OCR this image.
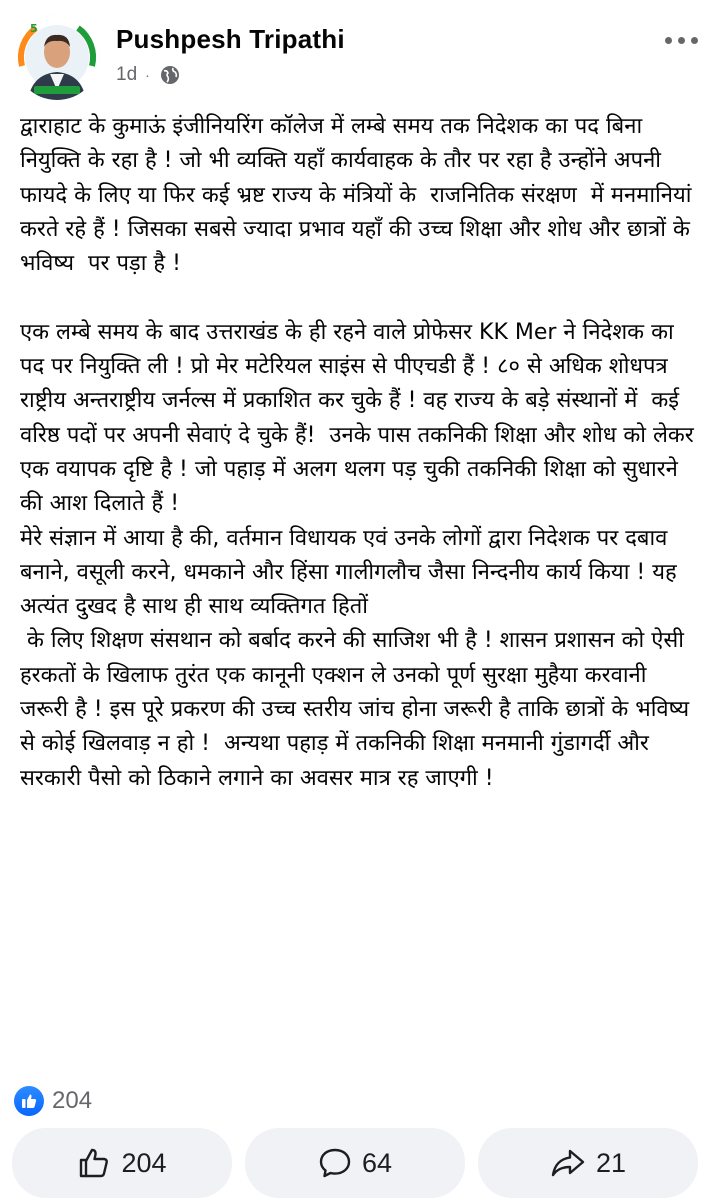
5	Pushpesh Tripathi
1d ·

द्वाराहाट के कुमाऊं इंजीनियरिंग कॉलेज में लम्बे समय तक निदेशक का पद बिना नियुक्ति के रहा है ! जो भी व्यक्ति यहाँ कार्यवाहक के तौर पर रहा है उन्होंने अपनी फायदे के लिए या फिर कई भ्रष्ट राज्य के मंत्रियों के  राजनितिक संरक्षण  में मनमानियां करते रहे हैं ! जिसका सबसे ज्यादा प्रभाव यहाँ की उच्च शिक्षा और शोध और छात्रों के भविष्य  पर पड़ा है !

एक लम्बे समय के बाद उत्तराखंड के ही रहने वाले प्रोफेसर KK Mer ने निदेशक का पद पर नियुक्ति ली ! प्रो मेर मटेरियल साइंस से पीएचडी हैं ! ८० से अधिक शोधपत्र राष्ट्रीय अन्तराष्ट्रीय जर्नल्स में प्रकाशित कर चुके हैं ! वह राज्य के बड़े संस्थानों में  कई वरिष्ठ पदों पर अपनी सेवाएं दे चुके हैं!  उनके पास तकनिकी शिक्षा और शोध को लेकर एक वयापक दृष्टि है ! जो पहाड़ में अलग थलग पड़ चुकी तकनिकी शिक्षा को सुधारने की आश दिलाते हैं !

मेरे संज्ञान में आया है की, वर्तमान विधायक एवं उनके लोगों द्वारा निदेशक पर दबाव बनाने, वसूली करने, धमकाने और हिंसा गालीगलौच जैसा निन्दनीय कार्य किया ! यह अत्यंत दुखद है साथ ही साथ व्यक्तिगत हितों

के लिए शिक्षण संसथान को बर्बाद करने की साजिश भी है ! शासन प्रशासन को ऐसी हरकतों के खिलाफ तुरंत एक कानूनी एक्शन ले उनको पूर्ण सुरक्षा मुहैया करवानी जरूरी है ! इस पूरे प्रकरण की उच्च स्तरीय जांच होना जरूरी है ताकि छात्रों के भविष्य  से कोई खिलवाड़ न हो !  अन्यथा पहाड़ में तकनिकी शिक्षा मनमानी गुंडागर्दी और सरकारी पैसो को ठिकाने लगाने का अवसर मात्र रह जाएगी !

204
204	64	21
